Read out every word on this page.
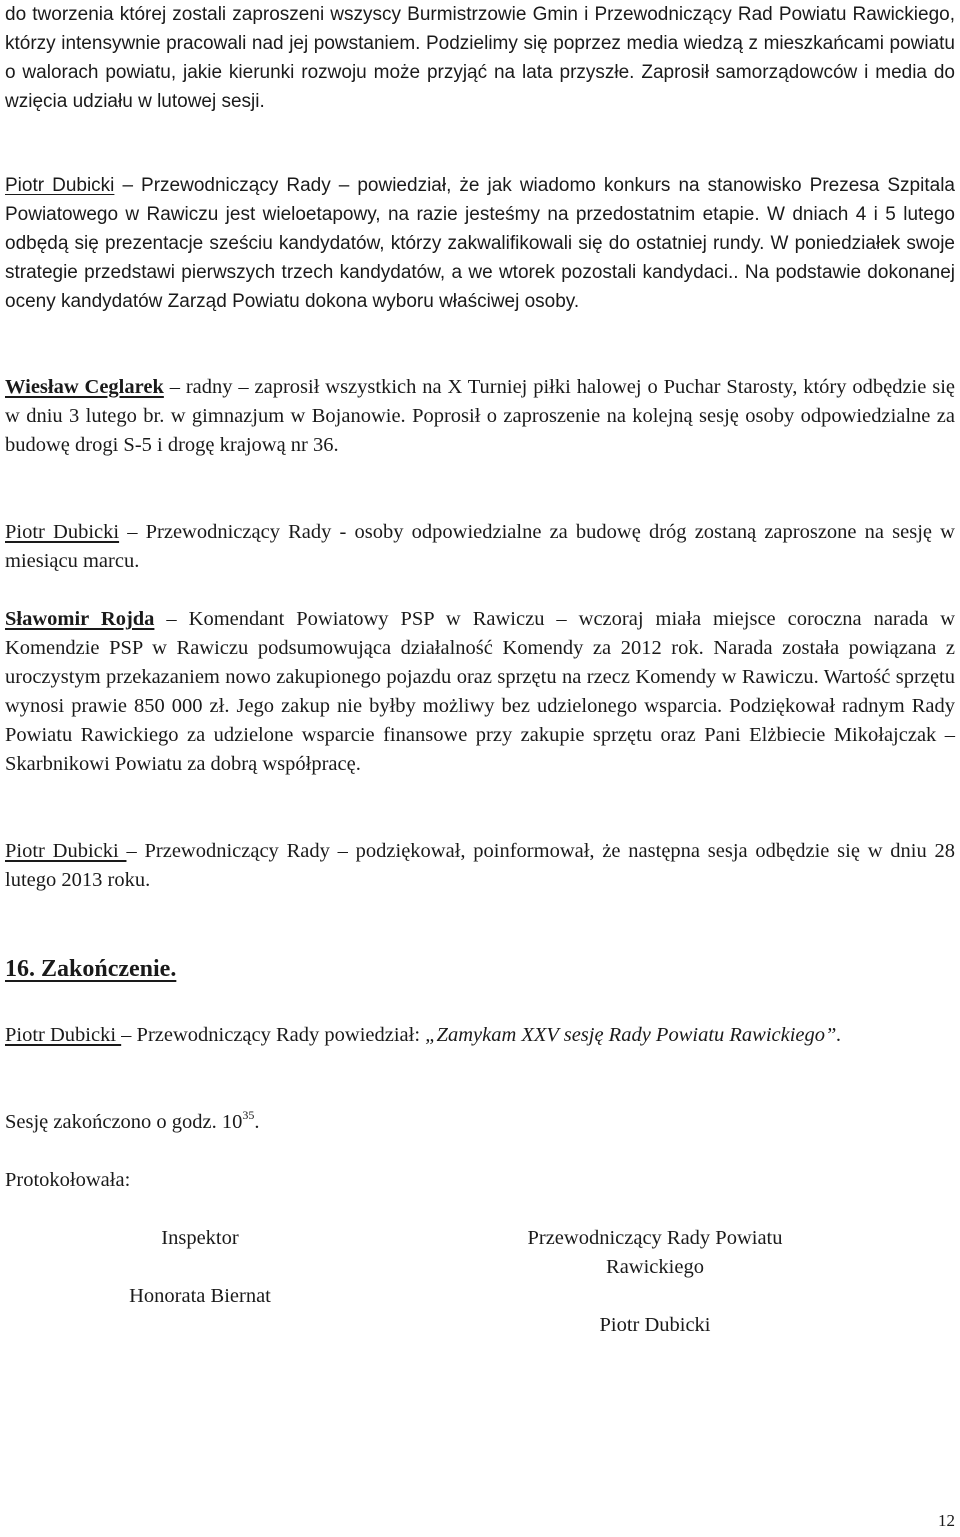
do tworzenia której zostali zaproszeni wszyscy Burmistrzowie Gmin i Przewodniczący Rad Powiatu Rawickiego, którzy intensywnie pracowali nad jej powstaniem. Podzielimy się poprzez media wiedzą z mieszkańcami powiatu o walorach powiatu, jakie kierunki rozwoju może przyjąć na lata przyszłe. Zaprosił samorządowców i media do wzięcia udziału w lutowej sesji.

Piotr Dubicki – Przewodniczący Rady – powiedział, że jak wiadomo konkurs na stanowisko Prezesa Szpitala Powiatowego w Rawiczu jest wieloetapowy, na razie jesteśmy na przedostatnim etapie. W dniach 4 i 5 lutego odbędą się prezentacje sześciu kandydatów, którzy zakwalifikowali się do ostatniej rundy. W poniedziałek swoje strategie przedstawi pierwszych trzech kandydatów, a we wtorek pozostali kandydaci.. Na podstawie dokonanej oceny kandydatów Zarząd Powiatu dokona wyboru właściwej osoby.

Wiesław Ceglarek – radny – zaprosił wszystkich na X Turniej piłki halowej o Puchar Starosty, który odbędzie się w dniu 3 lutego br. w gimnazjum w Bojanowie. Poprosił o zaproszenie na kolejną sesję osoby odpowiedzialne za budowę drogi S-5 i drogę krajową nr 36.

Piotr Dubicki – Przewodniczący Rady - osoby odpowiedzialne za budowę dróg zostaną zaproszone na sesję w miesiącu marcu.

Sławomir Rojda – Komendant Powiatowy PSP w Rawiczu – wczoraj miała miejsce coroczna narada w Komendzie PSP w Rawiczu podsumowująca działalność Komendy za 2012 rok. Narada została powiązana z uroczystym przekazaniem nowo zakupionego pojazdu oraz sprzętu na rzecz Komendy w Rawiczu. Wartość sprzętu wynosi prawie 850 000 zł. Jego zakup nie byłby możliwy bez udzielonego wsparcia. Podziękował radnym Rady Powiatu Rawickiego za udzielone wsparcie finansowe przy zakupie sprzętu oraz Pani Elżbiecie Mikołajczak – Skarbnikowi Powiatu za dobrą współpracę.

Piotr Dubicki – Przewodniczący Rady – podziękował, poinformował, że następna sesja odbędzie się w dniu 28 lutego 2013 roku.

16. Zakończenie.

Piotr Dubicki – Przewodniczący Rady powiedział: „Zamykam XXV sesję Rady Powiatu Rawickiego”.

Sesję zakończono o godz. $10^{35}$.

Protokołowała:

Inspektor
Honorata Biernat
Przewodniczący Rady Powiatu
Rawickiego
Piotr Dubicki
12
